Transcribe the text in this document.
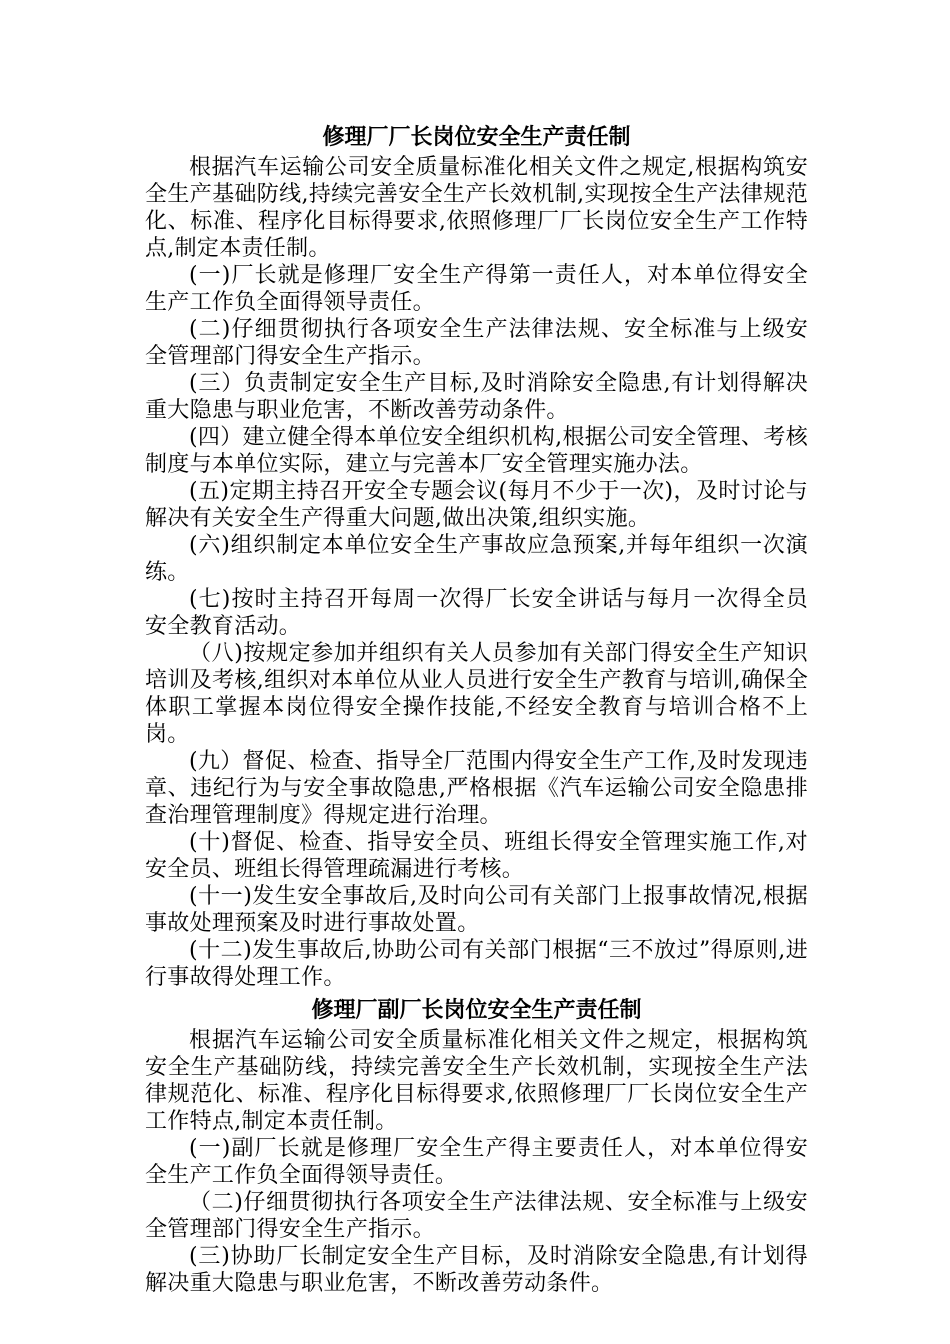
修理厂厂长岗位安全生产责任制

根据汽车运输公司安全质量标准化相关文件之规定,根据构筑安全生产基础防线,持续完善安全生产长效机制,实现按全生产法律规范化、标准、程序化目标得要求,依照修理厂厂长岗位安全生产工作特点,制定本责任制。

(一)厂长就是修理厂安全生产得第一责任人，对本单位得安全生产工作负全面得领导责任。

(二)仔细贯彻执行各项安全生产法律法规、安全标准与上级安全管理部门得安全生产指示。

(三）负责制定安全生产目标,及时消除安全隐患,有计划得解决重大隐患与职业危害，不断改善劳动条件。

(四）建立健全得本单位安全组织机构,根据公司安全管理、考核制度与本单位实际，建立与完善本厂安全管理实施办法。

(五)定期主持召开安全专题会议(每月不少于一次)，及时讨论与解决有关安全生产得重大问题,做出决策,组织实施。

(六)组织制定本单位安全生产事故应急预案,并每年组织一次演练。

(七)按时主持召开每周一次得厂长安全讲话与每月一次得全员安全教育活动。

（八)按规定参加并组织有关人员参加有关部门得安全生产知识培训及考核,组织对本单位从业人员进行安全生产教育与培训,确保全体职工掌握本岗位得安全操作技能,不经安全教育与培训合格不上岗。

(九）督促、检查、指导全厂范围内得安全生产工作,及时发现违章、违纪行为与安全事故隐患,严格根据《汽车运输公司安全隐患排查治理管理制度》得规定进行治理。

(十)督促、检查、指导安全员、班组长得安全管理实施工作,对安全员、班组长得管理疏漏进行考核。

(十一)发生安全事故后,及时向公司有关部门上报事故情况,根据事故处理预案及时进行事故处置。

(十二)发生事故后,协助公司有关部门根据“三不放过”得原则,进行事故得处理工作。

修理厂副厂长岗位安全生产责任制

根据汽车运输公司安全质量标准化相关文件之规定，根据构筑安全生产基础防线，持续完善安全生产长效机制，实现按全生产法律规范化、标准、程序化目标得要求,依照修理厂厂长岗位安全生产工作特点,制定本责任制。

(一)副厂长就是修理厂安全生产得主要责任人，对本单位得安全生产工作负全面得领导责任。

（二)仔细贯彻执行各项安全生产法律法规、安全标准与上级安全管理部门得安全生产指示。

(三)协助厂长制定安全生产目标，及时消除安全隐患,有计划得解决重大隐患与职业危害，不断改善劳动条件。
